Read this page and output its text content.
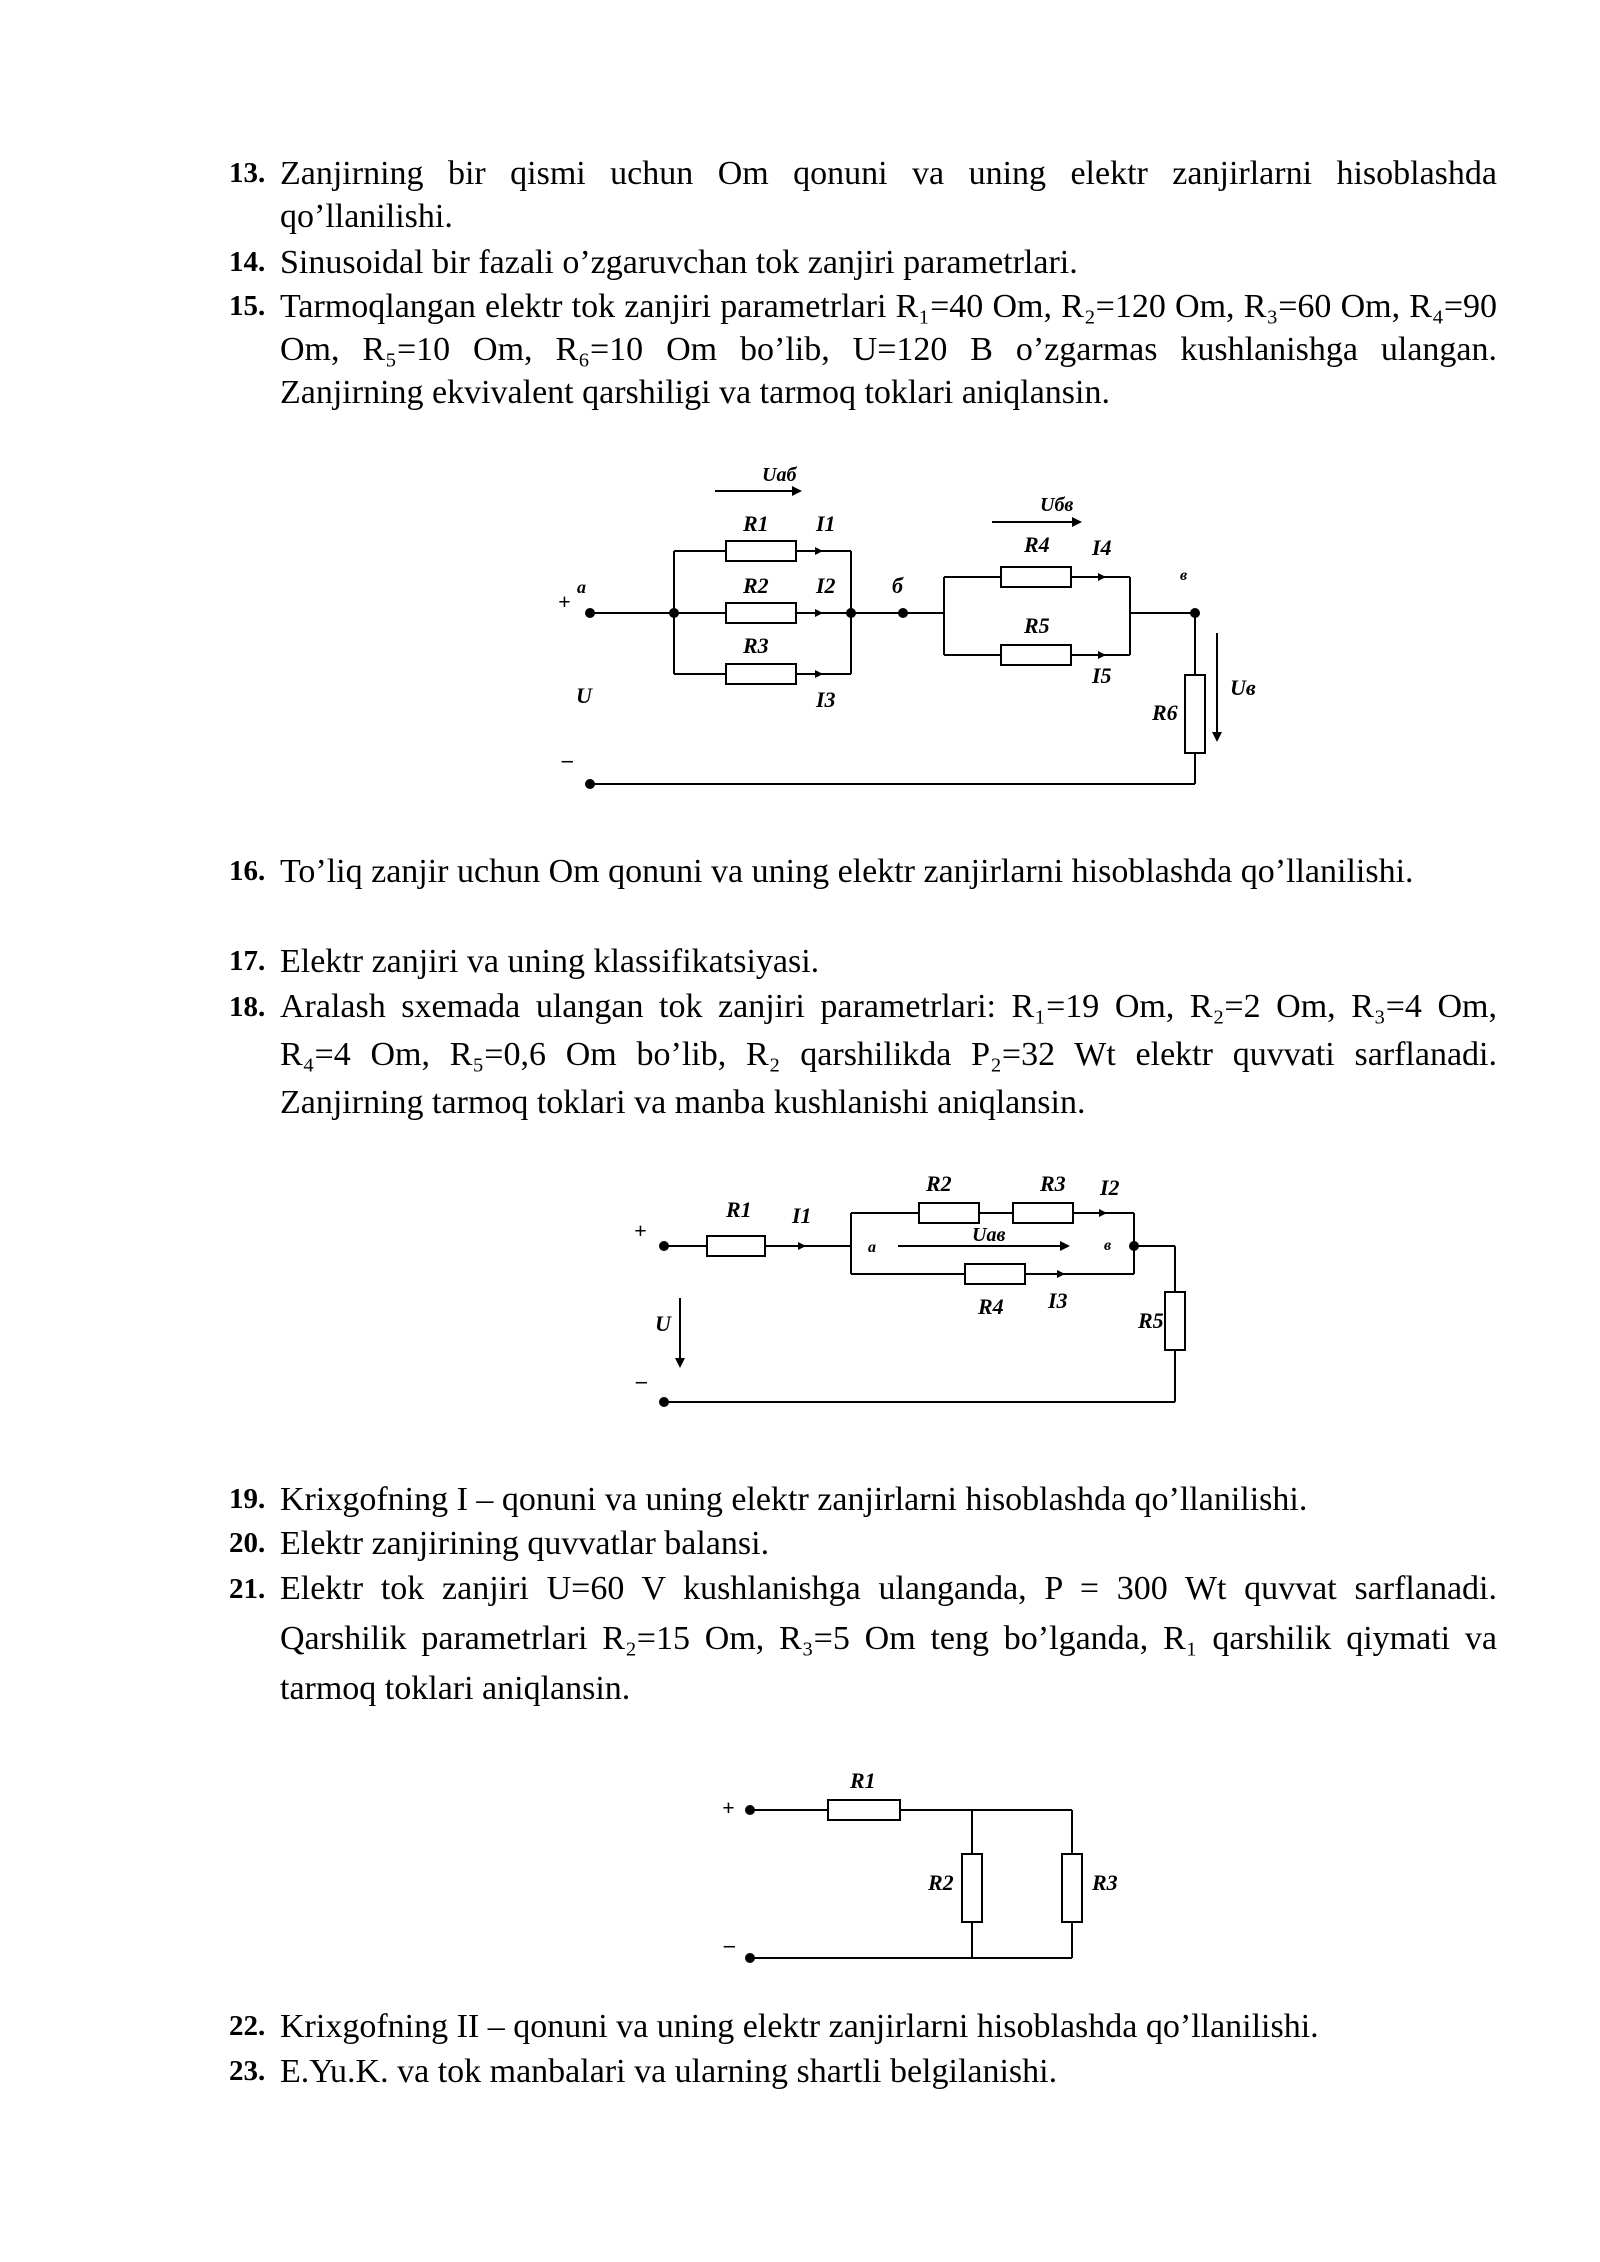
13. Zanjirning bir qismi uchun Om qonuni va uning elektr zanjirlarni hisoblashda qo’llanilishi.
14. Sinusoidal bir fazali o’zgaruvchan tok zanjiri parametrlari.
15. Tarmoqlangan elektr tok zanjiri parametrlari R₁=40 Om, R₂=120 Om, R₃=60 Om, R₄=90 Om, R₅=10 Om, R₆=10 Om bo’lib, U=120 B o’zgarmas kushlanishga ulangan. Zanjirning ekvivalent qarshiligi va tarmoq toklari aniqlansin.
+
a
U
–
Uаб
R1 I1
R2 I2
R3
I3
б
Uбв
R4 I4
R5
I5
в
R6
Uв
16. To’liq zanjir uchun Om qonuni va uning elektr zanjirlarni hisoblashda qo’llanilishi.
17. Elektr zanjiri va uning klassifikatsiyasi.
18. Aralash sxemada ulangan tok zanjiri parametrlari: R₁=19 Om, R₂=2 Om, R₃=4 Om, R₄=4 Om, R₅=0,6 Om bo’lib, R₂ qarshilikda P₂=32 Wt elektr quvvati sarflanadi. Zanjirning tarmoq toklari va manba kushlanishi aniqlansin.
+
–
U
R1 I1
a
R2	R3 I2
Uав	в
R4 I3
R5
19. Krixgofning I – qonuni va uning elektr zanjirlarni hisoblashda qo’llanilishi.
20. Elektr zanjirining quvvatlar balansi.
21. Elektr tok zanjiri U=60 V kushlanishga ulanganda, P = 300 Wt quvvat sarflanadi. Qarshilik parametrlari R₂=15 Om, R₃=5 Om teng bo’lganda, R₁ qarshilik qiymati va tarmoq toklari aniqlansin.
+
–
R1
R2	R3
22. Krixgofning II – qonuni va uning elektr zanjirlarni hisoblashda qo’llanilishi.
23. E.Yu.K. va tok manbalari va ularning shartli belgilanishi.
